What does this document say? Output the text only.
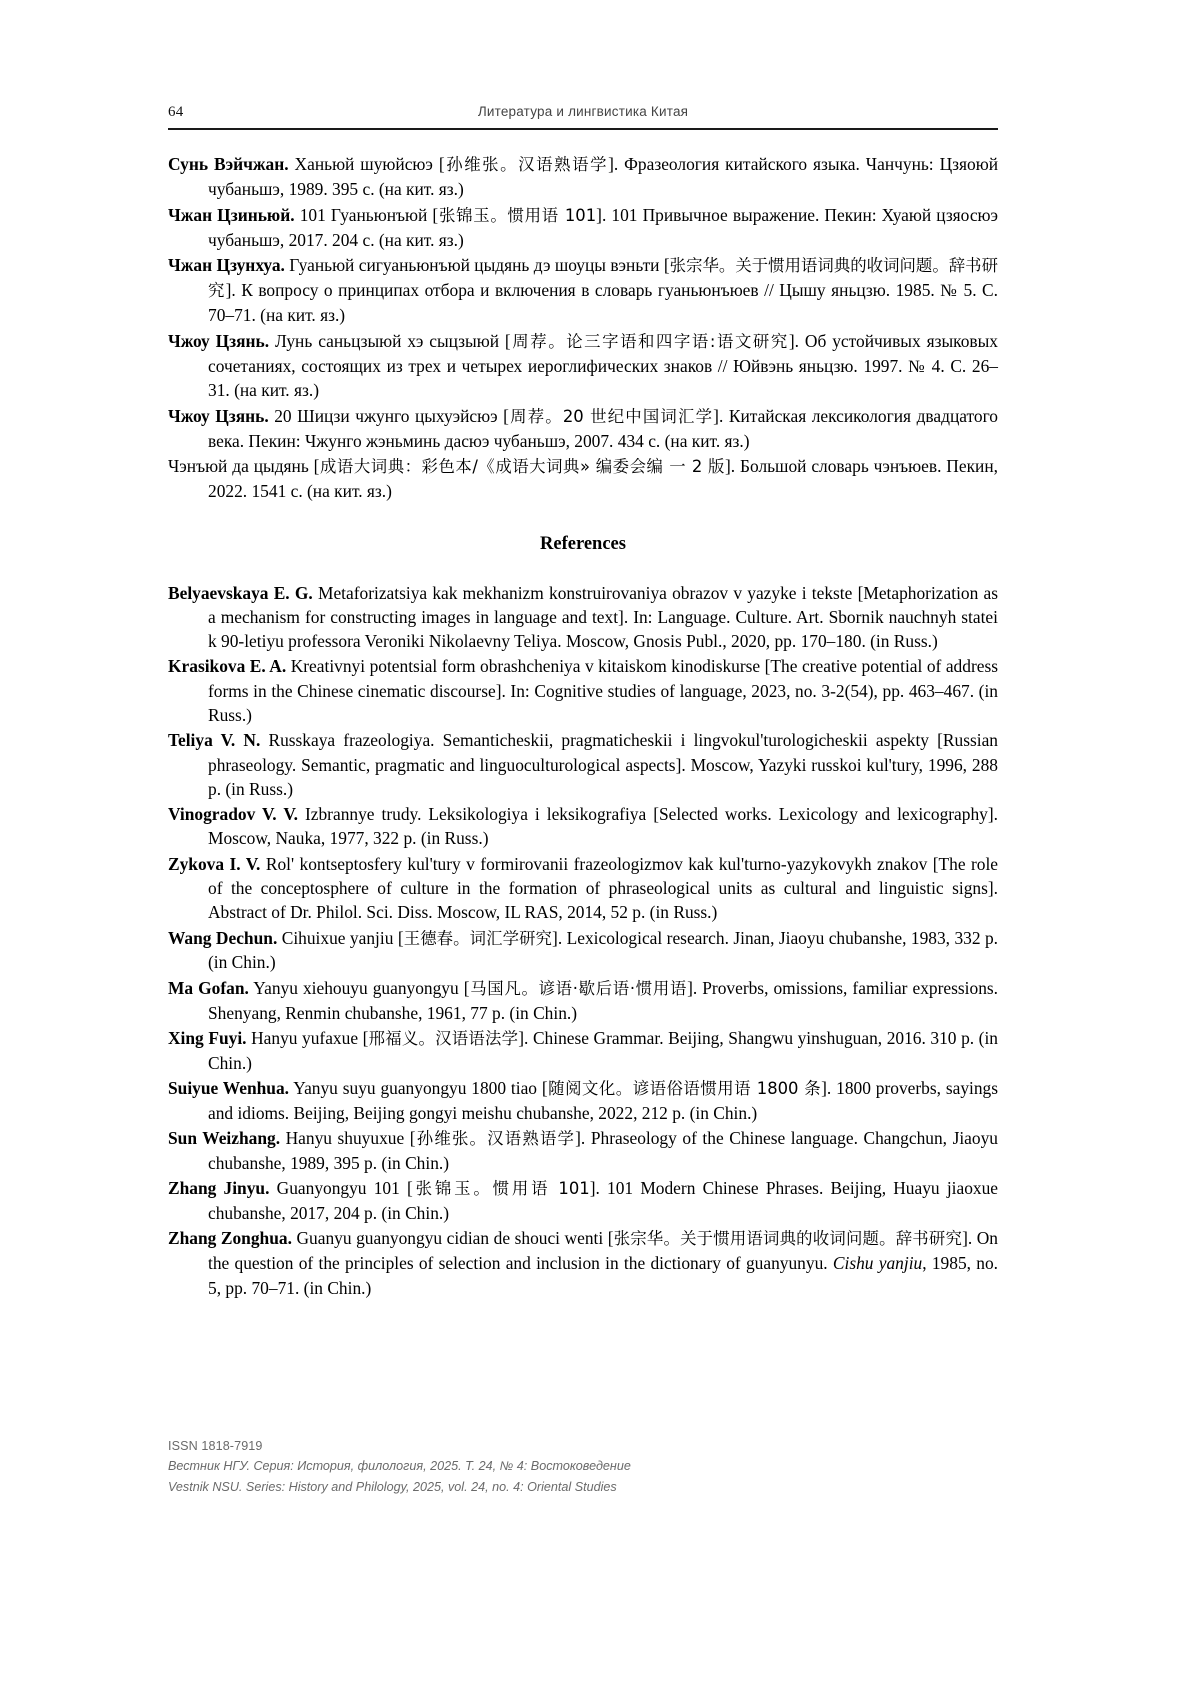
64	Литература и лингвистика Китая
Сунь Вэйчжан. Ханьюй шуюйсюэ [孙维张。汉语熟语学]. Фразеология китайского языка. Чанчунь: Цзяоюй чубаньшэ, 1989. 395 с. (на кит. яз.)
Чжан Цзиньюй. 101 Гуаньюнъюй [张锦玉。惯用语 101]. 101 Привычное выражение. Пекин: Хуаюй цзяосюэ чубаньшэ, 2017. 204 с. (на кит. яз.)
Чжан Цзунхуа. Гуаньюй сигуаньюнъюй цыдянь дэ шоуцы вэньти [张宗华。关于惯用语词典的收词问题。辞书研究]. К вопросу о принципах отбора и включения в словарь гуаньюнъюев // Цышу яньцзю. 1985. № 5. С. 70–71. (на кит. яз.)
Чжоу Цзянь. Лунь саньцзыюй хэ сыцзыюй [周荐。论三字语和四字语:语文研究]. Об устойчивых языковых сочетаниях, состоящих из трех и четырех иероглифических знаков // Юйвэнь яньцзю. 1997. № 4. С. 26–31. (на кит. яз.)
Чжоу Цзянь. 20 Шицзи чжунго цыхуэйсюэ [周荐。20 世纪中国词汇学]. Китайская лексикология двадцатого века. Пекин: Чжунго жэньминь дасюэ чубаньшэ, 2007. 434 с. (на кит. яз.)
Чэнъюй да цыдянь [成语大词典：彩色本/《成语大词典» 编委会编 一 2 版]. Большой словарь чэнъюев. Пекин, 2022. 1541 с. (на кит. яз.)
References
Belyaevskaya E. G. Metaforizatsiya kak mekhanizm konstruirovaniya obrazov v yazyke i tekste [Metaphorization as a mechanism for constructing images in language and text]. In: Language. Culture. Art. Sbornik nauchnyh statei k 90-letiyu professora Veroniki Nikolaevny Teliya. Moscow, Gnosis Publ., 2020, pp. 170–180. (in Russ.)
Krasikova E. A. Kreativnyi potentsial form obrashcheniya v kitaiskom kinodiskurse [The creative potential of address forms in the Chinese cinematic discourse]. In: Cognitive studies of language, 2023, no. 3-2(54), pp. 463–467. (in Russ.)
Teliya V. N. Russkaya frazeologiya. Semanticheskii, pragmaticheskii i lingvokul'turologicheskii aspekty [Russian phraseology. Semantic, pragmatic and linguoculturological aspects]. Moscow, Yazyki russkoi kul'tury, 1996, 288 p. (in Russ.)
Vinogradov V. V. Izbrannye trudy. Leksikologiya i leksikografiya [Selected works. Lexicology and lexicography]. Moscow, Nauka, 1977, 322 p. (in Russ.)
Zykova I. V. Rol' kontseptosfery kul'tury v formirovanii frazeologizmov kak kul'turno-yazykovykh znakov [The role of the conceptosphere of culture in the formation of phraseological units as cultural and linguistic signs]. Abstract of Dr. Philol. Sci. Diss. Moscow, IL RAS, 2014, 52 p. (in Russ.)
Wang Dechun. Cihuixue yanjiu [王德春。词汇学研究]. Lexicological research. Jinan, Jiaoyu chubanshe, 1983, 332 p. (in Chin.)
Ma Gofan. Yanyu xiehouyu guanyongyu [马国凡。谚语·歇后语·惯用语]. Proverbs, omissions, familiar expressions. Shenyang, Renmin chubanshe, 1961, 77 p. (in Chin.)
Xing Fuyi. Hanyu yufaxue [邢福义。汉语语法学]. Chinese Grammar. Beijing, Shangwu yinshuguan, 2016. 310 p. (in Chin.)
Suiyue Wenhua. Yanyu suyu guanyongyu 1800 tiao [随阅文化。谚语俗语惯用语 1800 条]. 1800 proverbs, sayings and idioms. Beijing, Beijing gongyi meishu chubanshe, 2022, 212 p. (in Chin.)
Sun Weizhang. Hanyu shuyuxue [孙维张。汉语熟语学]. Phraseology of the Chinese language. Changchun, Jiaoyu chubanshe, 1989, 395 p. (in Chin.)
Zhang Jinyu. Guanyongyu 101 [张锦玉。惯用语 101]. 101 Modern Chinese Phrases. Beijing, Huayu jiaoxue chubanshe, 2017, 204 p. (in Chin.)
Zhang Zonghua. Guanyu guanyongyu cidian de shouci wenti [张宗华。关于惯用语词典的收词问题。辞书研究]. On the question of the principles of selection and inclusion in the dictionary of guanyunyu. Cishu yanjiu, 1985, no. 5, pp. 70–71. (in Chin.)
ISSN 1818-7919
Вестник НГУ. Серия: История, филология, 2025. Т. 24, № 4: Востоковедение
Vestnik NSU. Series: History and Philology, 2025, vol. 24, no. 4: Oriental Studies
